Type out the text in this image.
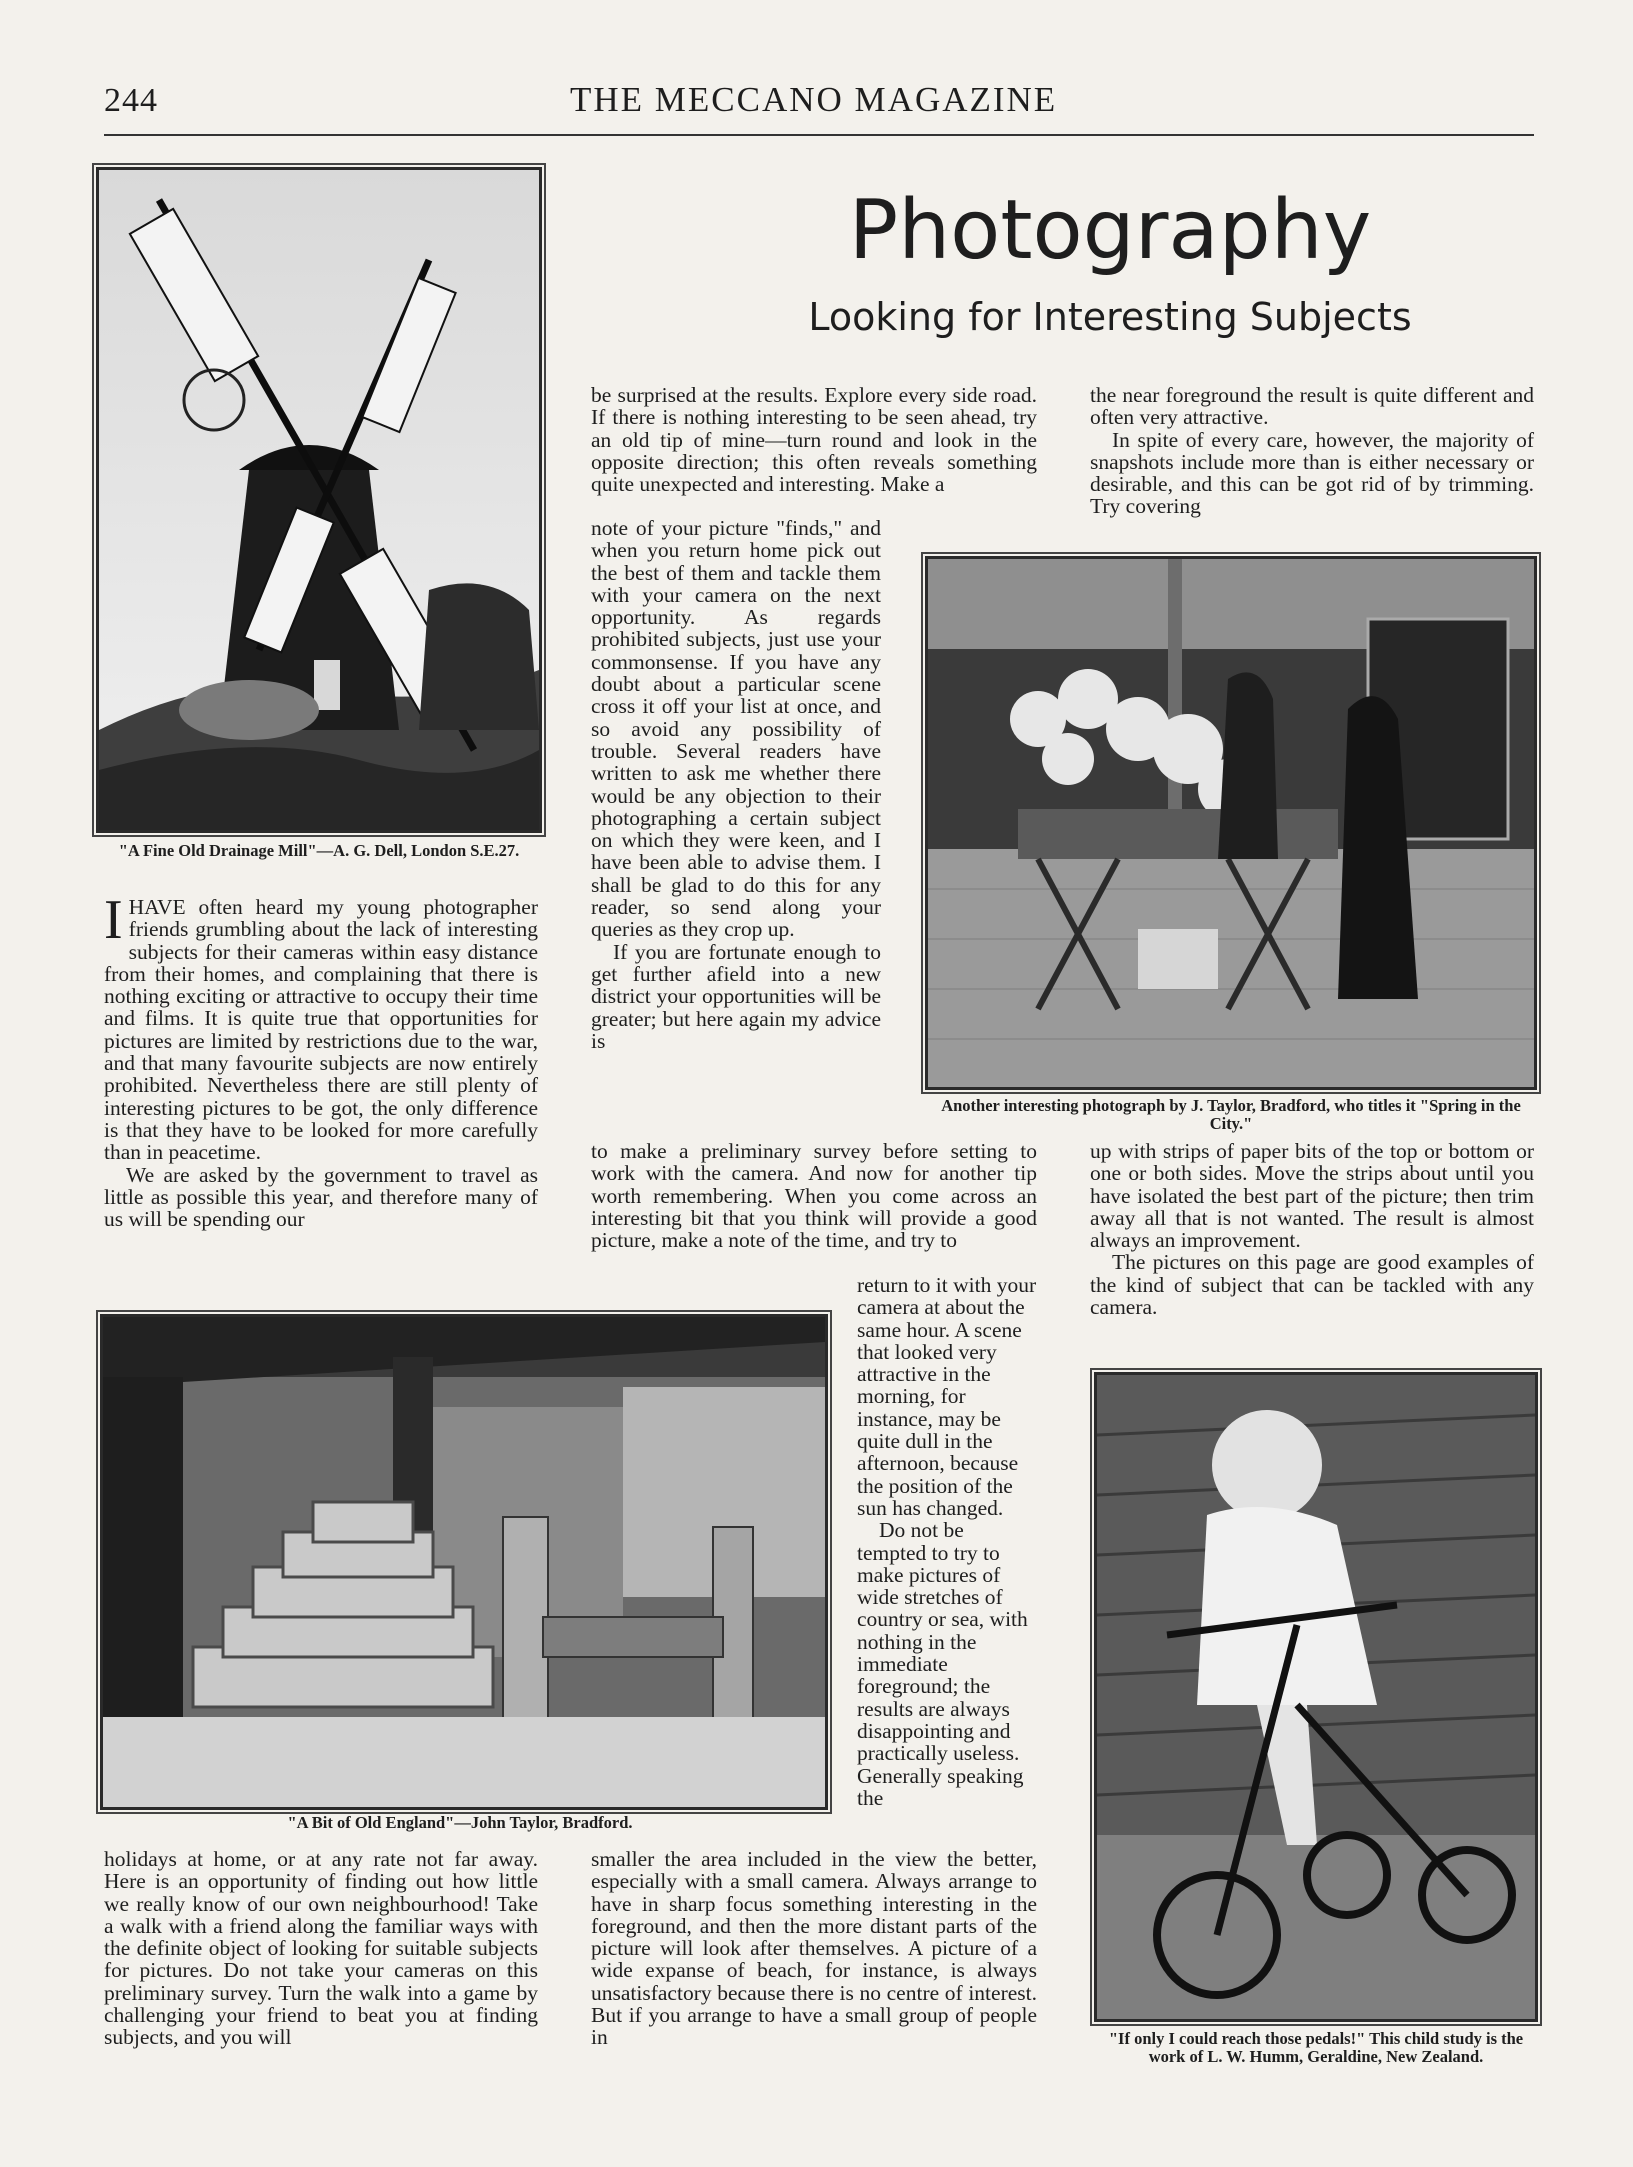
244	THE MECCANO MAGAZINE
Photography
Looking for Interesting Subjects
"A Fine Old Drainage Mill"—A. G. Dell, London S.E.27.

IHAVE often heard my young photographer friends grumbling about the lack of interesting subjects for their cameras within easy distance from their homes, and complaining that there is nothing exciting or attractive to occupy their time and films. It is quite true that opportunities for pictures are limited by restrictions due to the war, and that many favourite subjects are now entirely prohibited. Nevertheless there are still plenty of interesting pictures to be got, the only difference is that they have to be looked for more carefully than in peacetime.

We are asked by the government to travel as little as possible this year, and therefore many of us will be spending our

"A Bit of Old England"—John Taylor, Bradford.

holidays at home, or at any rate not far away. Here is an opportunity of finding out how little we really know of our own neighbourhood! Take a walk with a friend along the familiar ways with the definite object of looking for suitable subjects for pictures. Do not take your cameras on this preliminary survey. Turn the walk into a game by challenging your friend to beat you at finding subjects, and you will

be surprised at the results. Explore every side road. If there is nothing interesting to be seen ahead, try an old tip of mine—turn round and look in the opposite direction; this often reveals something quite unexpected and interesting. Make a

note of your picture "finds," and when you return home pick out the best of them and tackle them with your camera on the next opportunity. As regards prohibited subjects, just use your commonsense. If you have any doubt about a particular scene cross it off your list at once, and so avoid any possibility of trouble. Several readers have written to ask me whether there would be any objection to their photographing a certain subject on which they were keen, and I have been able to advise them. I shall be glad to do this for any reader, so send along your queries as they crop up.

If you are fortunate enough to get further afield into a new district your opportunities will be greater; but here again my advice is

to make a preliminary survey before setting to work with the camera. And now for another tip worth remembering. When you come across an interesting bit that you think will provide a good picture, make a note of the time, and try to

return to it with your camera at about the same hour. A scene that looked very attractive in the morning, for instance, may be quite dull in the afternoon, because the position of the sun has changed.

Do not be tempted to try to make pictures of wide stretches of country or sea, with nothing in the immediate foreground; the results are always disappointing and practically useless. Generally speaking the

smaller the area included in the view the better, especially with a small camera. Always arrange to have in sharp focus something interesting in the foreground, and then the more distant parts of the picture will look after themselves. A picture of a wide expanse of beach, for instance, is always unsatisfactory because there is no centre of interest. But if you arrange to have a small group of people in

the near foreground the result is quite different and often very attractive.

In spite of every care, however, the majority of snapshots include more than is either necessary or desirable, and this can be got rid of by trimming. Try covering

Another interesting photograph by J. Taylor, Bradford, who titles it "Spring in the City."

up with strips of paper bits of the top or bottom or one or both sides. Move the strips about until you have isolated the best part of the picture; then trim away all that is not wanted. The result is almost always an improvement.

The pictures on this page are good examples of the kind of subject that can be tackled with any camera.

"If only I could reach those pedals!" This child study is the work of L. W. Humm, Geraldine, New Zealand.
